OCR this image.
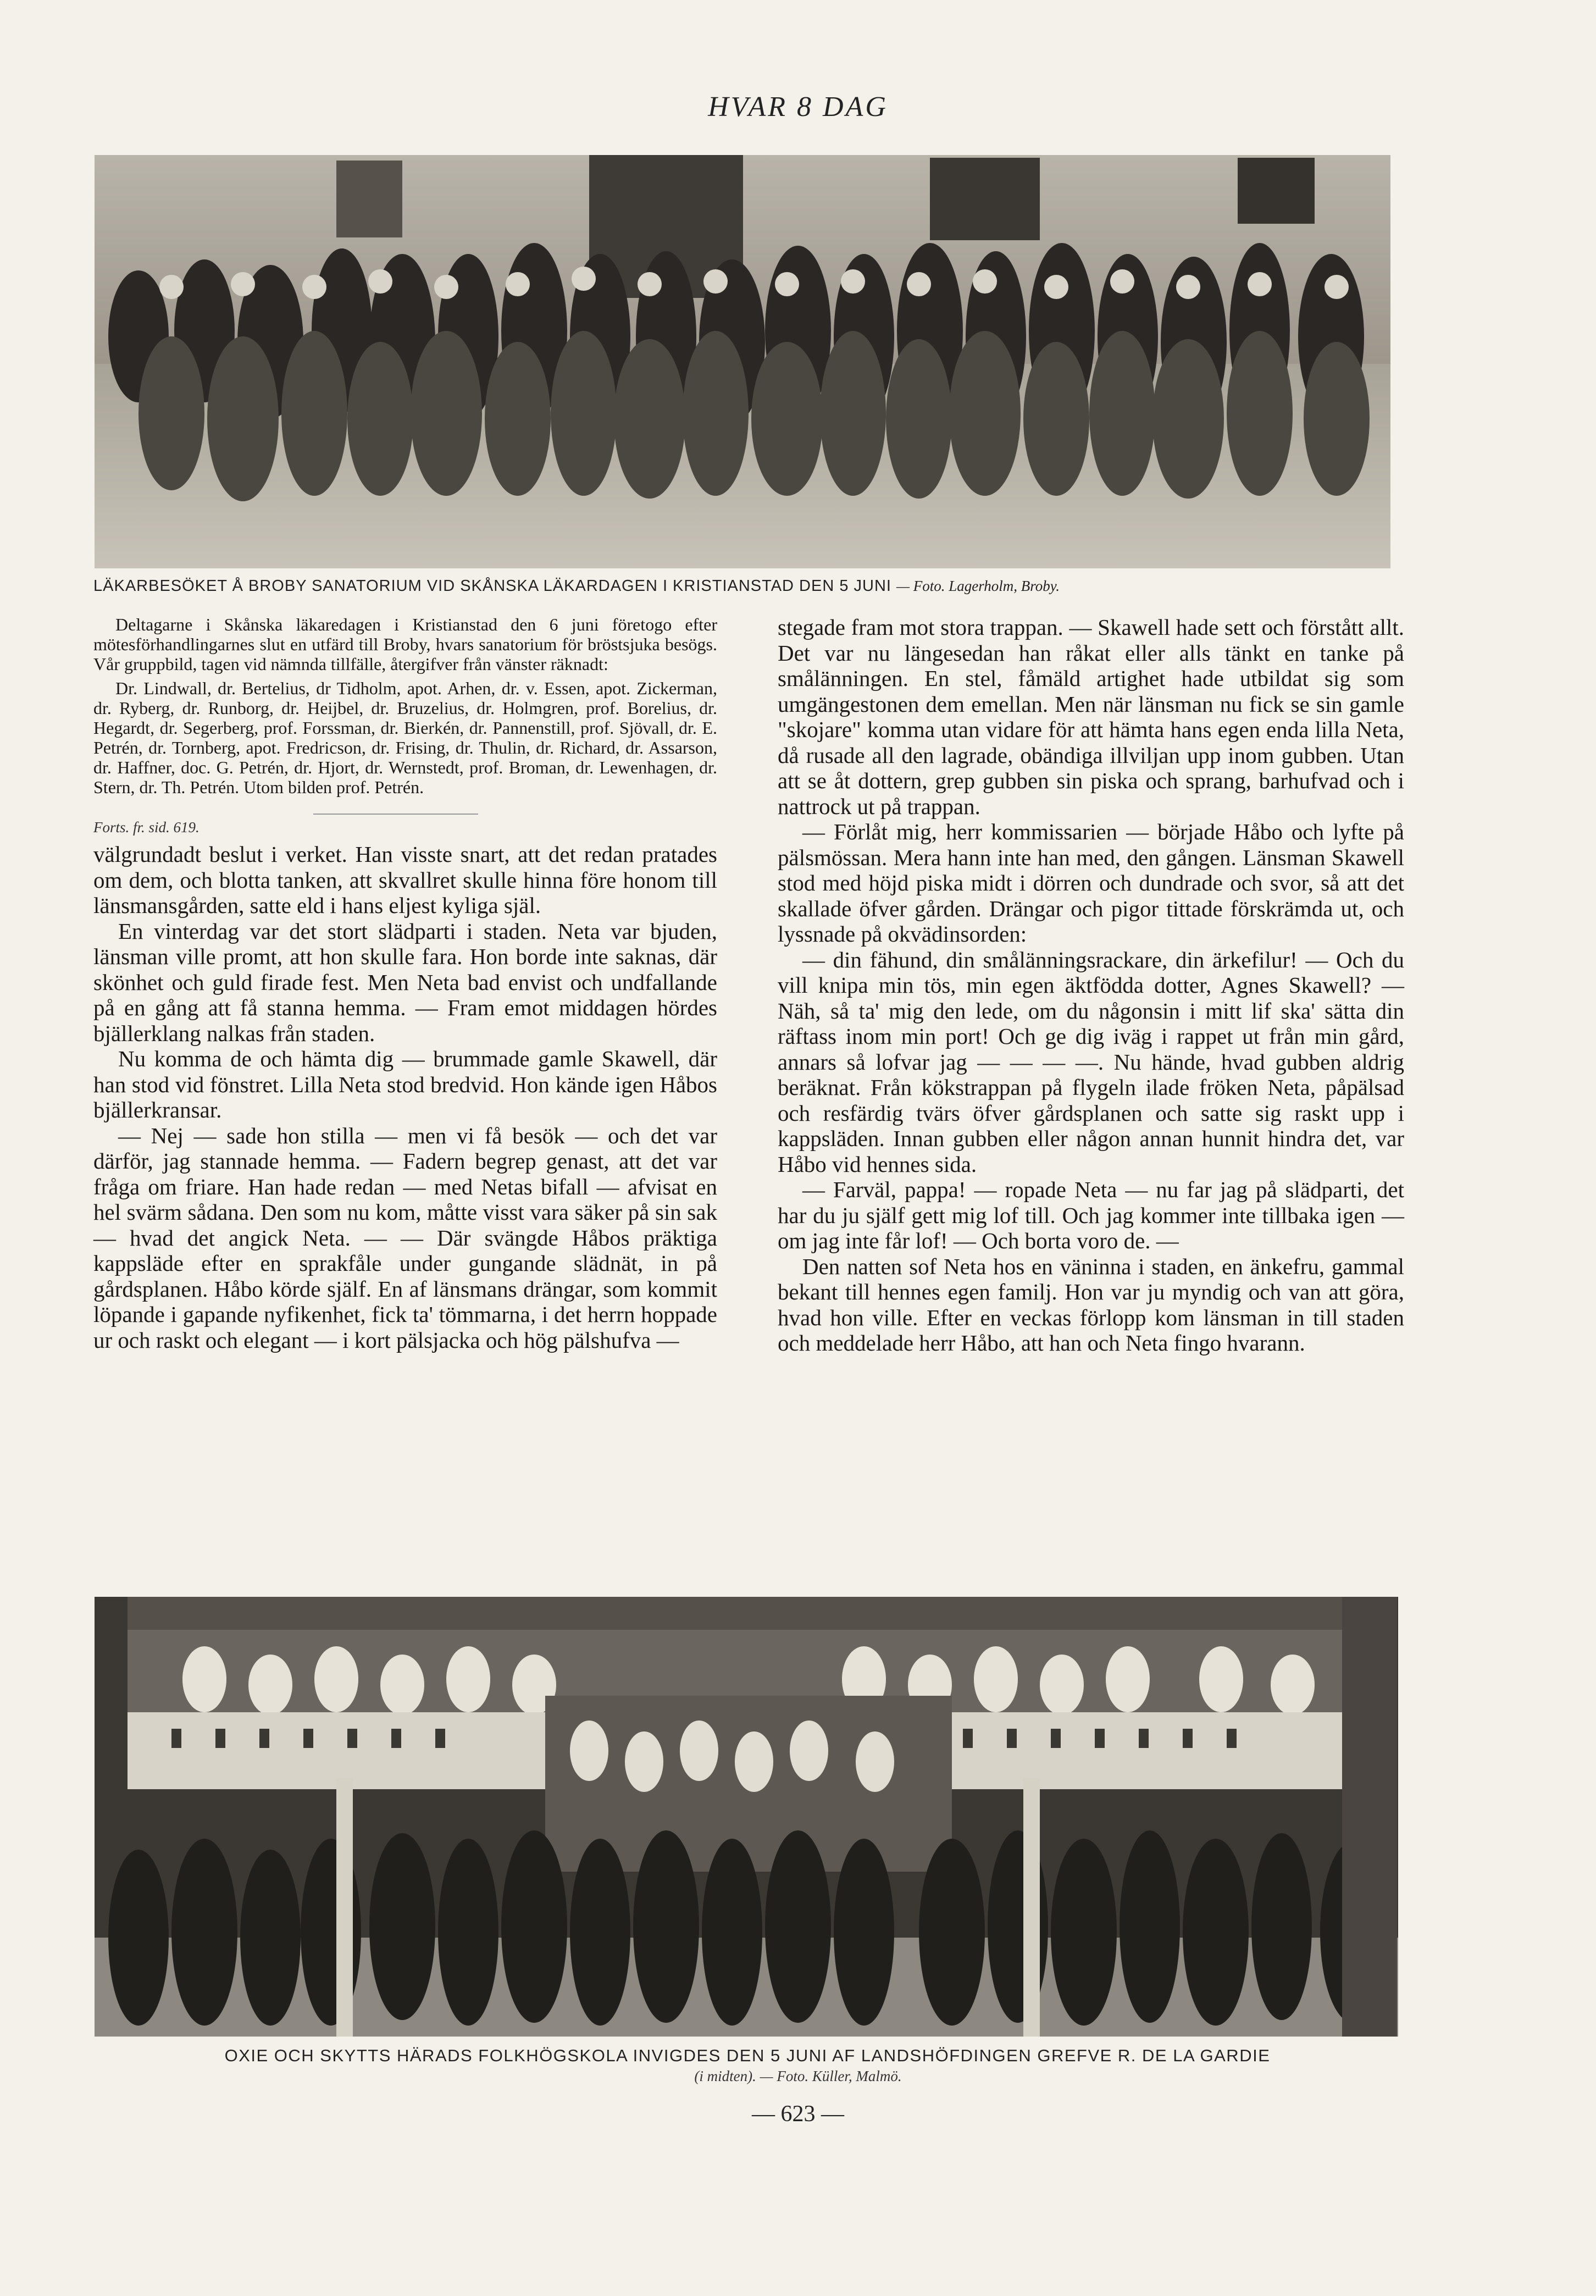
HVAR 8 DAG
LÄKARBESÖKET Å BROBY SANATORIUM VID SKÅNSKA LÄKARDAGEN I KRISTIANSTAD DEN 5 JUNI — Foto. Lagerholm, Broby.

Deltagarne i Skånska läkaredagen i Kristianstad den 6 juni företogo efter mötesförhandlingarnes slut en utfärd till Broby, hvars sanatorium för bröstsjuka besögs. Vår gruppbild, tagen vid nämnda tillfälle, återgifver från vänster räknadt:

Dr. Lindwall, dr. Bertelius, dr Tidholm, apot. Arhen, dr. v. Essen, apot. Zickerman, dr. Ryberg, dr. Runborg, dr. Heijbel, dr. Bruzelius, dr. Holmgren, prof. Borelius, dr. Hegardt, dr. Segerberg, prof. Forssman, dr. Bierkén, dr. Pannenstill, prof. Sjövall, dr. E. Petrén, dr. Tornberg, apot. Fredricson, dr. Frising, dr. Thulin, dr. Richard, dr. Assarson, dr. Haffner, doc. G. Petrén, dr. Hjort, dr. Wernstedt, prof. Broman, dr. Lewenhagen, dr. Stern, dr. Th. Petrén. Utom bilden prof. Petrén.

Forts. fr. sid. 619.

välgrundadt beslut i verket. Han visste snart, att det redan pratades om dem, och blotta tanken, att skvallret skulle hinna före honom till länsmansgården, satte eld i hans eljest kyliga själ.

En vinterdag var det stort slädparti i staden. Neta var bjuden, länsman ville promt, att hon skulle fara. Hon borde inte saknas, där skönhet och guld firade fest. Men Neta bad envist och undfallande på en gång att få stanna hemma. — Fram emot middagen hördes bjällerklang nalkas från staden.

Nu komma de och hämta dig — brummade gamle Skawell, där han stod vid fönstret. Lilla Neta stod bredvid. Hon kände igen Håbos bjällerkransar.

— Nej — sade hon stilla — men vi få besök — och det var därför, jag stannade hemma. — Fadern begrep genast, att det var fråga om friare. Han hade redan — med Netas bifall — afvisat en hel svärm sådana. Den som nu kom, måtte visst vara säker på sin sak — hvad det angick Neta. — — Där svängde Håbos präktiga kappsläde efter en sprakfåle under gungande slädnät, in på gårdsplanen. Håbo körde själf. En af länsmans drängar, som kommit löpande i gapande nyfikenhet, fick ta' tömmarna, i det herrn hoppade ur och raskt och elegant — i kort pälsjacka och hög pälshufva —

stegade fram mot stora trappan. — Skawell hade sett och förstått allt. Det var nu längesedan han råkat eller alls tänkt en tanke på smålänningen. En stel, fåmäld artighet hade utbildat sig som umgängestonen dem emellan. Men när länsman nu fick se sin gamle "skojare" komma utan vidare för att hämta hans egen enda lilla Neta, då rusade all den lagrade, obändiga illviljan upp inom gubben. Utan att se åt dottern, grep gubben sin piska och sprang, barhufvad och i nattrock ut på trappan.

— Förlåt mig, herr kommissarien — började Håbo och lyfte på pälsmössan. Mera hann inte han med, den gången. Länsman Skawell stod med höjd piska midt i dörren och dundrade och svor, så att det skallade öfver gården. Drängar och pigor tittade förskrämda ut, och lyssnade på okvädinsorden:

— din fähund, din smålänningsrackare, din ärkefilur! — Och du vill knipa min tös, min egen äktfödda dotter, Agnes Skawell? — Näh, så ta' mig den lede, om du någonsin i mitt lif ska' sätta din räftass inom min port! Och ge dig iväg i rappet ut från min gård, annars så lofvar jag — — — —. Nu hände, hvad gubben aldrig beräknat. Från kökstrappan på flygeln ilade fröken Neta, påpälsad och resfärdig tvärs öfver gårdsplanen och satte sig raskt upp i kappsläden. Innan gubben eller någon annan hunnit hindra det, var Håbo vid hennes sida.

— Farväl, pappa! — ropade Neta — nu far jag på slädparti, det har du ju själf gett mig lof till. Och jag kommer inte tillbaka igen — om jag inte får lof! — Och borta voro de. —

Den natten sof Neta hos en väninna i staden, en änkefru, gammal bekant till hennes egen familj. Hon var ju myndig och van att göra, hvad hon ville. Efter en veckas förlopp kom länsman in till staden och meddelade herr Håbo, att han och Neta fingo hvarann.

OXIE OCH SKYTTS HÄRADS FOLKHÖGSKOLA INVIGDES DEN 5 JUNI AF LANDSHÖFDINGEN GREFVE R. DE LA GARDIE
(i midten). — Foto. Küller, Malmö.
— 623 —
